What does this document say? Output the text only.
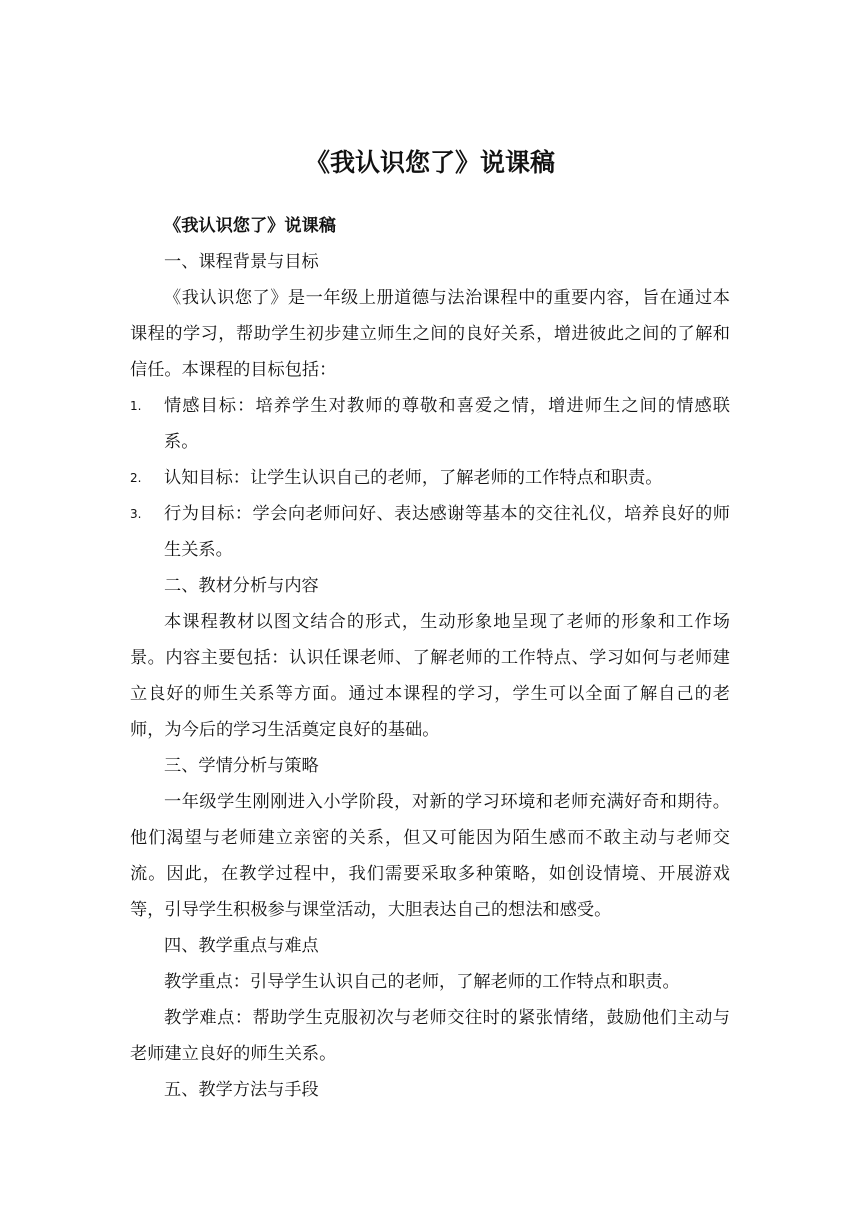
《我认识您了》说课稿

《我认识您了》说课稿

一、课程背景与目标

《我认识您了》是一年级上册道德与法治课程中的重要内容，旨在通过本课程的学习，帮助学生初步建立师生之间的良好关系，增进彼此之间的了解和信任。本课程的目标包括：

1.	情感目标：培养学生对教师的尊敬和喜爱之情，增进师生之间的情感联系。
2.	认知目标：让学生认识自己的老师，了解老师的工作特点和职责。
3.	行为目标：学会向老师问好、表达感谢等基本的交往礼仪，培养良好的师生关系。

二、教材分析与内容

本课程教材以图文结合的形式，生动形象地呈现了老师的形象和工作场景。内容主要包括：认识任课老师、了解老师的工作特点、学习如何与老师建立良好的师生关系等方面。通过本课程的学习，学生可以全面了解自己的老师，为今后的学习生活奠定良好的基础。

三、学情分析与策略

一年级学生刚刚进入小学阶段，对新的学习环境和老师充满好奇和期待。他们渴望与老师建立亲密的关系，但又可能因为陌生感而不敢主动与老师交流。因此，在教学过程中，我们需要采取多种策略，如创设情境、开展游戏等，引导学生积极参与课堂活动，大胆表达自己的想法和感受。

四、教学重点与难点

教学重点：引导学生认识自己的老师，了解老师的工作特点和职责。

教学难点：帮助学生克服初次与老师交往时的紧张情绪，鼓励他们主动与老师建立良好的师生关系。

五、教学方法与手段
